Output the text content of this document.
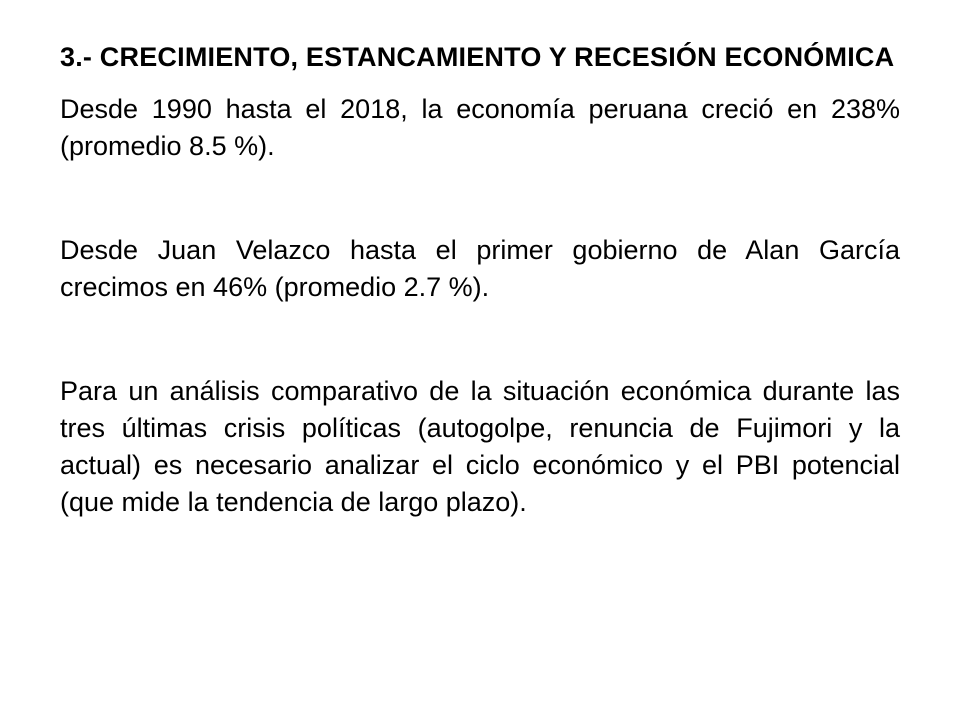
3.- CRECIMIENTO, ESTANCAMIENTO Y RECESIÓN ECONÓMICA

Desde 1990 hasta el 2018, la economía peruana creció en 238% (promedio 8.5 %).

Desde Juan Velazco hasta el primer gobierno de Alan García crecimos en 46% (promedio 2.7 %).

Para un análisis comparativo de la situación económica durante las tres últimas crisis políticas (autogolpe, renuncia de Fujimori y la actual) es necesario analizar el ciclo económico y el PBI potencial (que mide la tendencia de largo plazo).
